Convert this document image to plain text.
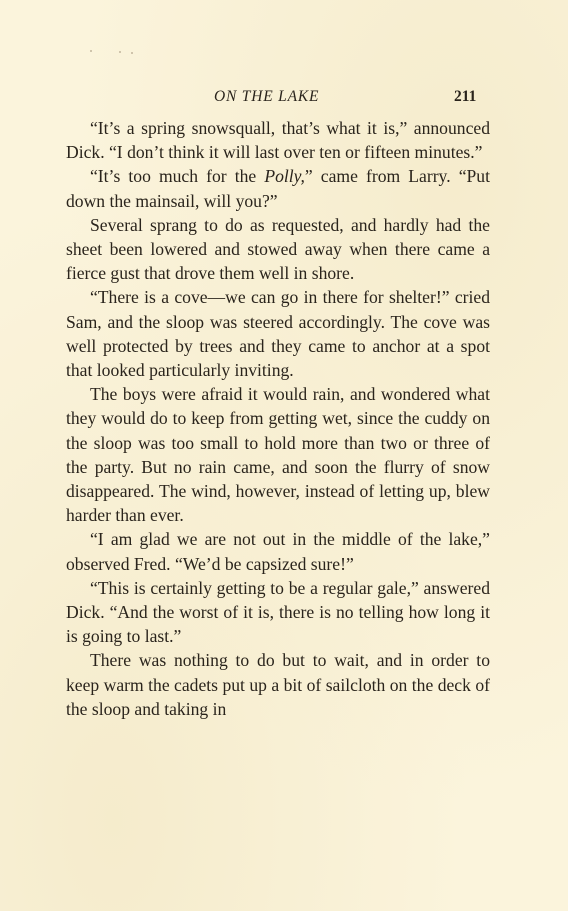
ON THE LAKE	211

“It’s a spring snowsquall, that’s what it is,” announced Dick. “I don’t think it will last over ten or fifteen minutes.”

“It’s too much for the Polly,” came from Larry. “Put down the mainsail, will you?”

Several sprang to do as requested, and hardly had the sheet been lowered and stowed away when there came a fierce gust that drove them well in shore.

“There is a cove—we can go in there for shelter!” cried Sam, and the sloop was steered accordingly. The cove was well protected by trees and they came to anchor at a spot that looked particularly inviting.

The boys were afraid it would rain, and wondered what they would do to keep from getting wet, since the cuddy on the sloop was too small to hold more than two or three of the party. But no rain came, and soon the flurry of snow disappeared. The wind, however, instead of letting up, blew harder than ever.

“I am glad we are not out in the middle of the lake,” observed Fred. “We’d be capsized sure!”

“This is certainly getting to be a regular gale,” answered Dick. “And the worst of it is, there is no telling how long it is going to last.”

There was nothing to do but to wait, and in order to keep warm the cadets put up a bit of sailcloth on the deck of the sloop and taking in
